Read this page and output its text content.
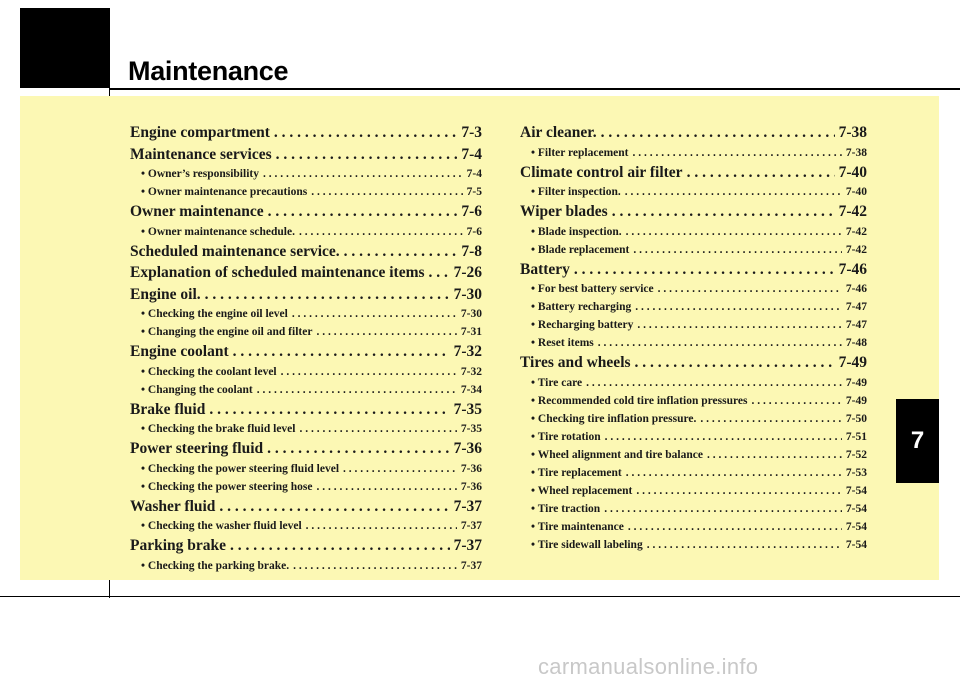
Maintenance
Engine compartment . . .	7-3
Maintenance services . . .	7-4
• Owner’s responsibility . . .	7-4
• Owner maintenance precautions . . .	7-5
Owner maintenance . . .	7-6
• Owner maintenance schedule. . . .	7-6
Scheduled maintenance service. . . .	7-8
Explanation of scheduled maintenance items . . . 7-26
Engine oil. . . .	7-30
• Checking the engine oil level . . .	7-30
• Changing the engine oil and filter . . .	7-31
Engine coolant . . .	7-32
• Checking the coolant level . . .	7-32
• Changing the coolant . . .	7-34
Brake fluid . . .	7-35
• Checking the brake fluid level . . .	7-35
Power steering fluid . . .	7-36
• Checking the power steering fluid level . . .	7-36
• Checking the power steering hose . . .	7-36
Washer fluid . . .	7-37
• Checking the washer fluid level . . .	7-37
Parking brake . . .	7-37
• Checking the parking brake. . . .	7-37
Air cleaner. . . .	7-38
• Filter replacement . . .	7-38
Climate control air filter . . .	7-40
• Filter inspection. . . .	7-40
Wiper blades . . .	7-42
• Blade inspection. . . .	7-42
• Blade replacement . . .	7-42
Battery . . .	7-46
• For best battery service . . .	7-46
• Battery recharging . . .	7-47
• Recharging battery . . .	7-47
• Reset items . . .	7-48
Tires and wheels . . .	7-49
• Tire care . . .	7-49
• Recommended cold tire inflation pressures . . .	7-49
• Checking tire inflation pressure. . . .	7-50
• Tire rotation . . .	7-51
• Wheel alignment and tire balance . . .	7-52
• Tire replacement . . .	7-53
• Wheel replacement . . .	7-54
• Tire traction . . .	7-54
• Tire maintenance . . .	7-54
• Tire sidewall labeling . . .	7-54
7
carmanualsonline.info
